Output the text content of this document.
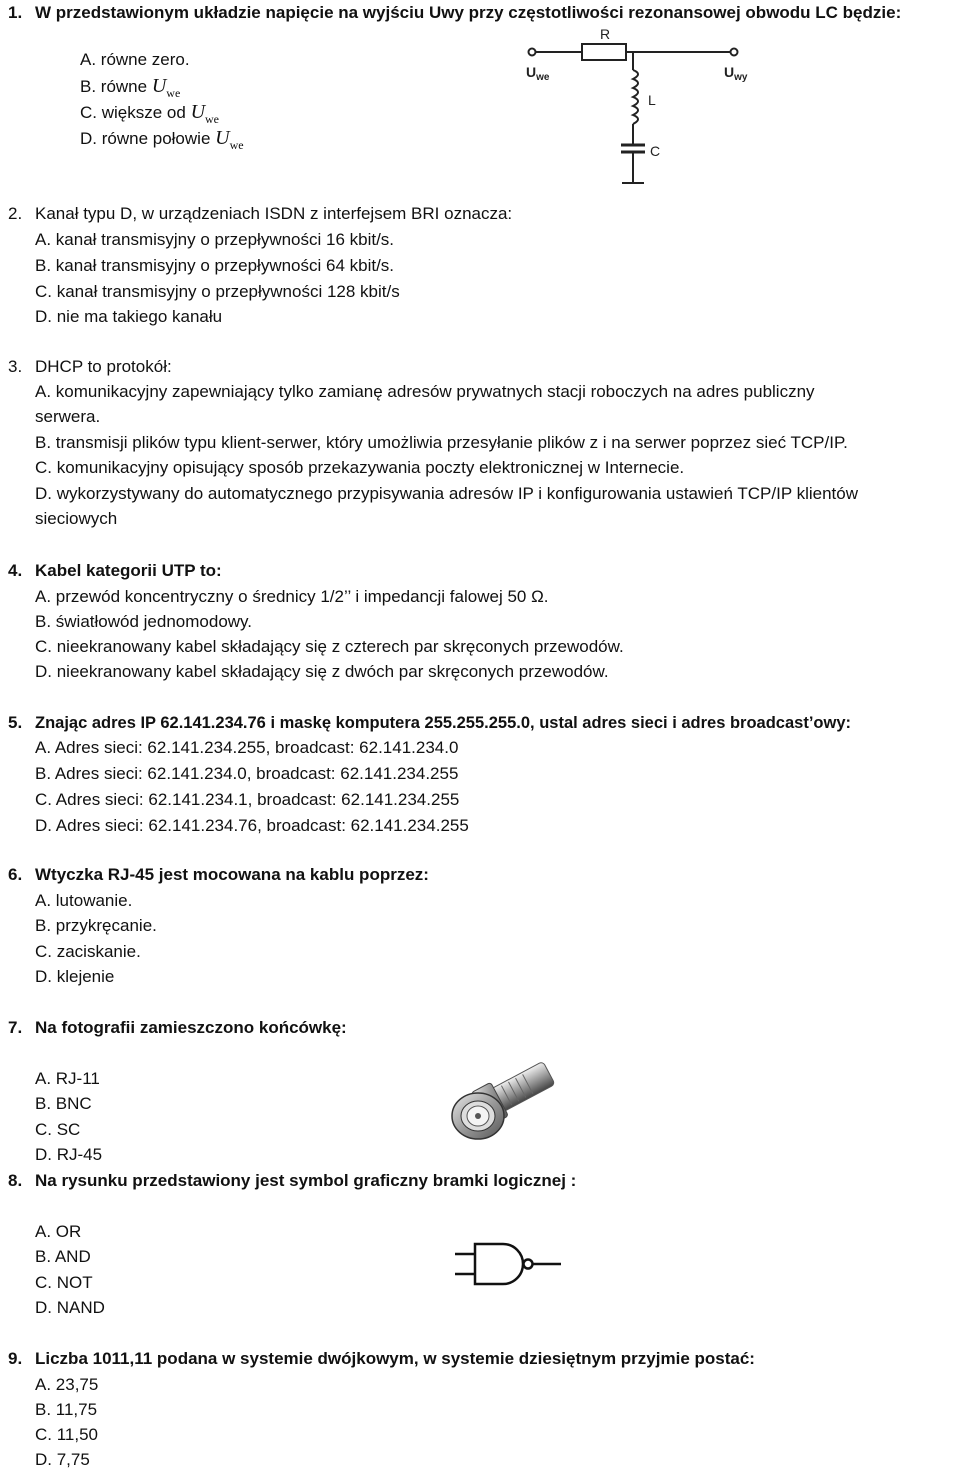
1. W przedstawionym układzie napięcie na wyjściu Uwy przy częstotliwości rezonansowej obwodu LC będzie:
A. równe zero.
B. równe $U_{we}$
C. większe od $U_{we}$
D. równe połowie $U_{we}$
R
$U_{we}$	$U_{wy}$
L
C
2. Kanał typu D, w urządzeniach ISDN z interfejsem BRI oznacza:
A. kanał transmisyjny o przepływności 16 kbit/s.
B. kanał transmisyjny o przepływności 64 kbit/s.
C. kanał transmisyjny o przepływności 128 kbit/s
D. nie ma takiego kanału
3. DHCP to protokół:
A. komunikacyjny zapewniający tylko zamianę adresów prywatnych stacji roboczych na adres publiczny
serwera.
B. transmisji plików typu klient-serwer, który umożliwia przesyłanie plików z i na serwer poprzez sieć TCP/IP.
C. komunikacyjny opisujący sposób przekazywania poczty elektronicznej w Internecie.
D. wykorzystywany do automatycznego przypisywania adresów IP i konfigurowania ustawień TCP/IP klientów
sieciowych
4. Kabel kategorii UTP to:
A. przewód koncentryczny o średnicy 1/2’’ i impedancji falowej 50 Ω.
B. światłowód jednomodowy.
C. nieekranowany kabel składający się z czterech par skręconych przewodów.
D. nieekranowany kabel składający się z dwóch par skręconych przewodów.
5. Znając adres IP 62.141.234.76 i maskę komputera 255.255.255.0, ustal adres sieci i adres broadcast’owy:
A. Adres sieci: 62.141.234.255, broadcast: 62.141.234.0
B. Adres sieci: 62.141.234.0, broadcast: 62.141.234.255
C. Adres sieci: 62.141.234.1, broadcast: 62.141.234.255
D. Adres sieci: 62.141.234.76, broadcast: 62.141.234.255
6. Wtyczka RJ-45 jest mocowana na kablu poprzez:
A. lutowanie.
B. przykręcanie.
C. zaciskanie.
D. klejenie
7. Na fotografii zamieszczono końcówkę:
A. RJ-11
B. BNC
C. SC
D. RJ-45
8. Na rysunku przedstawiony jest symbol graficzny bramki logicznej :
A. OR
B. AND
C. NOT
D. NAND
9. Liczba 1011,11 podana w systemie dwójkowym, w systemie dziesiętnym przyjmie postać:
A. 23,75
B. 11,75
C. 11,50
D. 7,75
